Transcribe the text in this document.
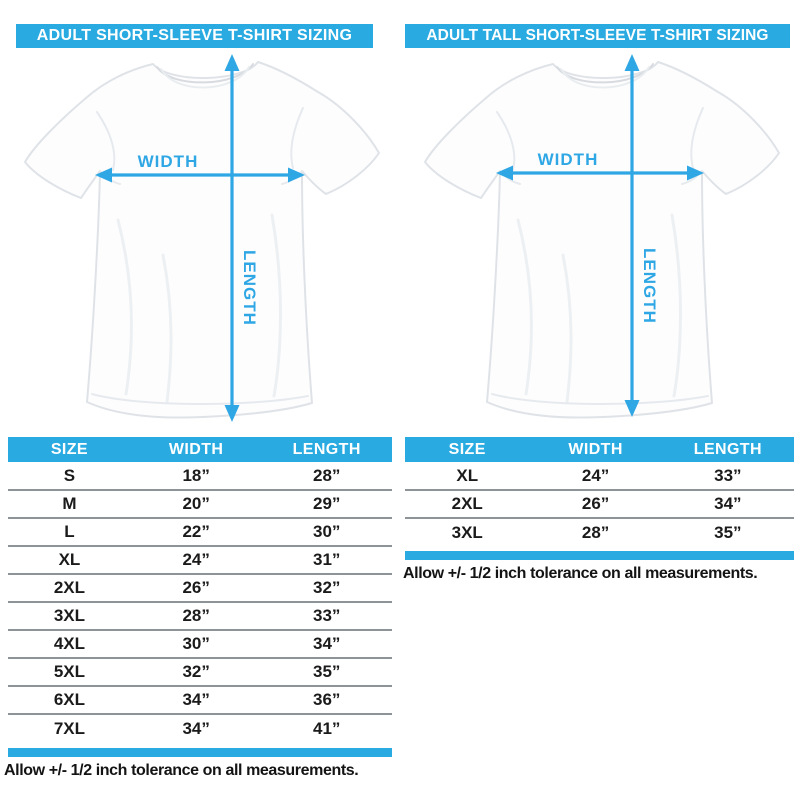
ADULT SHORT-SLEEVE T-SHIRT SIZING
WIDTH
LENGTH
SIZE	WIDTH	LENGTH
S	18”	28”
M	20”	29”
L	22”	30”
XL	24”	31”
2XL	26”	32”
3XL	28”	33”
4XL	30”	34”
5XL	32”	35”
6XL	34”	36”
7XL	34”	41”

Allow +/- 1/2 inch tolerance on all measurements.

ADULT TALL SHORT-SLEEVE T-SHIRT SIZING
WIDTH
LENGTH
SIZE	WIDTH	LENGTH
XL	24”	33”
2XL	26”	34”
3XL	28”	35”

Allow +/- 1/2 inch tolerance on all measurements.
